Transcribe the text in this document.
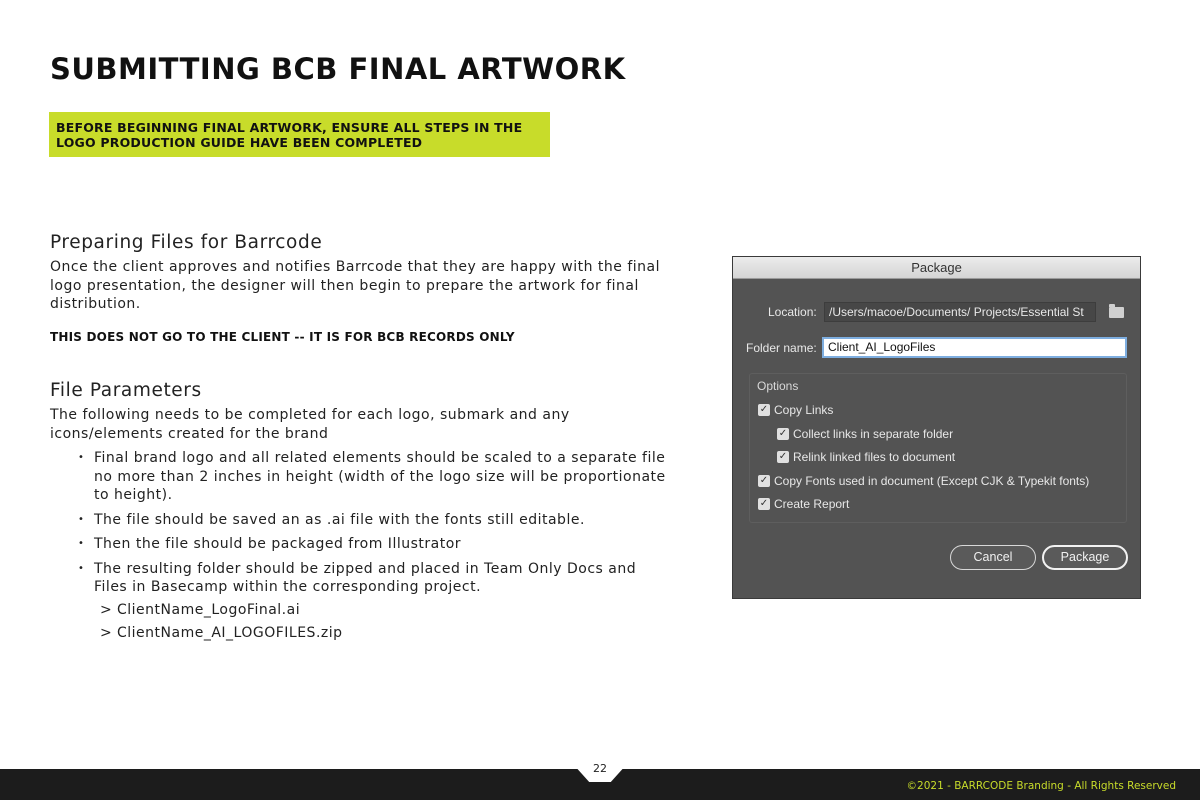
SUBMITTING BCB FINAL ARTWORK
BEFORE BEGINNING FINAL ARTWORK, ENSURE ALL STEPS IN THE
LOGO PRODUCTION GUIDE HAVE BEEN COMPLETED
Preparing Files for Barrcode

Once the client approves and notifies Barrcode that they are happy with the final logo presentation, the designer will then begin to prepare the artwork for final distribution.

THIS DOES NOT GO TO THE CLIENT -- IT IS FOR BCB RECORDS ONLY

File Parameters

The following needs to be completed for each logo, submark and any icons/elements created for the brand

• Final brand logo and all related elements should be scaled to a separate file no more than 2 inches in height (width of the logo size will be proportionate to height).
• The file should be saved an as .ai file with the fonts still editable.
• Then the file should be packaged from Illustrator
• The resulting folder should be zipped and placed in Team Only Docs and Files in Basecamp within the corresponding project.
> ClientName_LogoFinal.ai
> ClientName_AI_LOGOFILES.zip
Package
Location:	/Users/macoe/Documents/ Projects/Essential St
Folder name: Client_AI_LogoFiles
Options
✓ Copy Links
✓ Collect links in separate folder
✓ Relink linked files to document
✓ Copy Fonts used in document (Except CJK & Typekit fonts)
✓ Create Report
Cancel	Package
22
©2021 - BARRCODE Branding - All Rights Reserved
